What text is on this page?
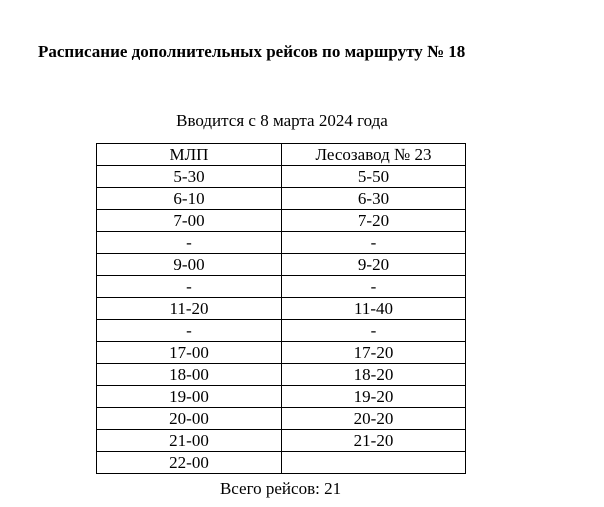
Расписание дополнительных рейсов по маршруту № 18
Вводится с 8 марта 2024 года
МЛП	Лесозавод № 23
5-30	5-50
6-10	6-30
7-00	7-20
-	-
9-00	9-20
-	-
11-20	11-40
-	-
17-00	17-20
18-00	18-20
19-00	19-20
20-00	20-20
21-00	21-20
22-00	
Всего рейсов: 21
